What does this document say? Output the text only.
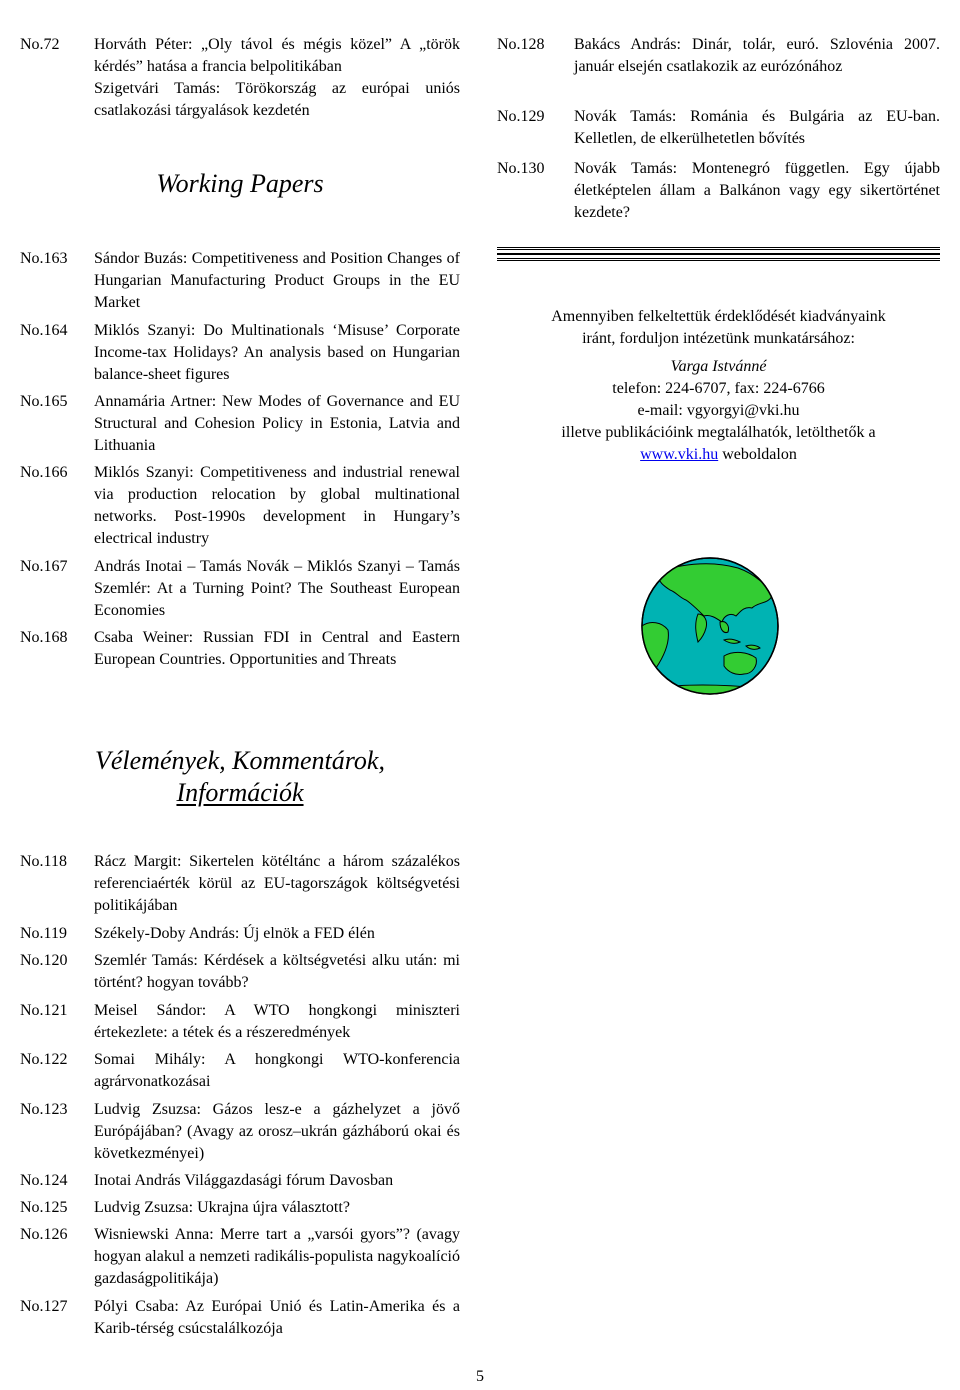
No.72 Horváth Péter: „Oly távol és mégis közel” A „török kérdés” hatása a francia belpolitikában
Szigetvári Tamás: Törökország az európai uniós csatlakozási tárgyalások kezdetén
Working Papers
No.128 Bakács András: Dinár, tolár, euró. Szlovénia 2007. január elsején csatlakozik az eurózónához
No.129 Novák Tamás: Románia és Bulgária az EU-ban. Kelletlen, de elkerülhetetlen bővítés
No.130 Novák Tamás: Montenegró független. Egy újabb életképtelen állam a Balkánon vagy egy sikertörténet kezdete?
No.163 Sándor Buzás: Competitiveness and Position Changes of Hungarian Manufacturing Product Groups in the EU Market
No.164 Miklós Szanyi: Do Multinationals ‘Misuse’ Corporate Income-tax Holidays? An analysis based on Hungarian balance-sheet figures
No.165 Annamária Artner: New Modes of Governance and EU Structural and Cohesion Policy in Estonia, Latvia and Lithuania
No.166 Miklós Szanyi: Competitiveness and industrial renewal via production relocation by global multinational networks. Post-1990s development in Hungary’s electrical industry
No.167 András Inotai – Tamás Novák – Miklós Szanyi – Tamás Szemlér: At a Turning Point? The Southeast European Economies
No.168 Csaba Weiner: Russian FDI in Central and Eastern European Countries. Opportunities and Threats
Amennyiben felkeltettük érdeklődését kiadványaink
iránt, forduljon intézetünk munkatársához:
Varga Istvánné
telefon: 224-6707, fax: 224-6766
e-mail: vgyorgyi@vki.hu
illetve publikációink megtalálhatók, letölthetők a
www.vki.hu weboldalon
Vélemények, Kommentárok,
Információk
No.118 Rácz Margit: Sikertelen kötéltánc a három százalékos referenciaérték körül az EU-tagországok költségvetési politikájában
No.119 Székely-Doby András: Új elnök a FED élén
No.120 Szemlér Tamás: Kérdések a költségvetési alku után: mi történt? hogyan tovább?
No.121 Meisel Sándor: A WTO hongkongi miniszteri értekezlete: a tétek és a részeredmények
No.122 Somai Mihály: A hongkongi WTO-konferencia agrárvonatkozásai
No.123 Ludvig Zsuzsa: Gázos lesz-e a gázhelyzet a jövő Európájában? (Avagy az orosz–ukrán gázháború okai és következményei)
No.124 Inotai András Világgazdasági fórum Davosban
No.125 Ludvig Zsuzsa: Ukrajna újra választott?
No.126 Wisniewski Anna: Merre tart a „varsói gyors”? (avagy hogyan alakul a nemzeti radikális-populista nagykoalíció gazdaságpolitikája)
No.127 Pólyi Csaba: Az Európai Unió és Latin-Amerika és a Karib-térség csúcstalálkozója
5
